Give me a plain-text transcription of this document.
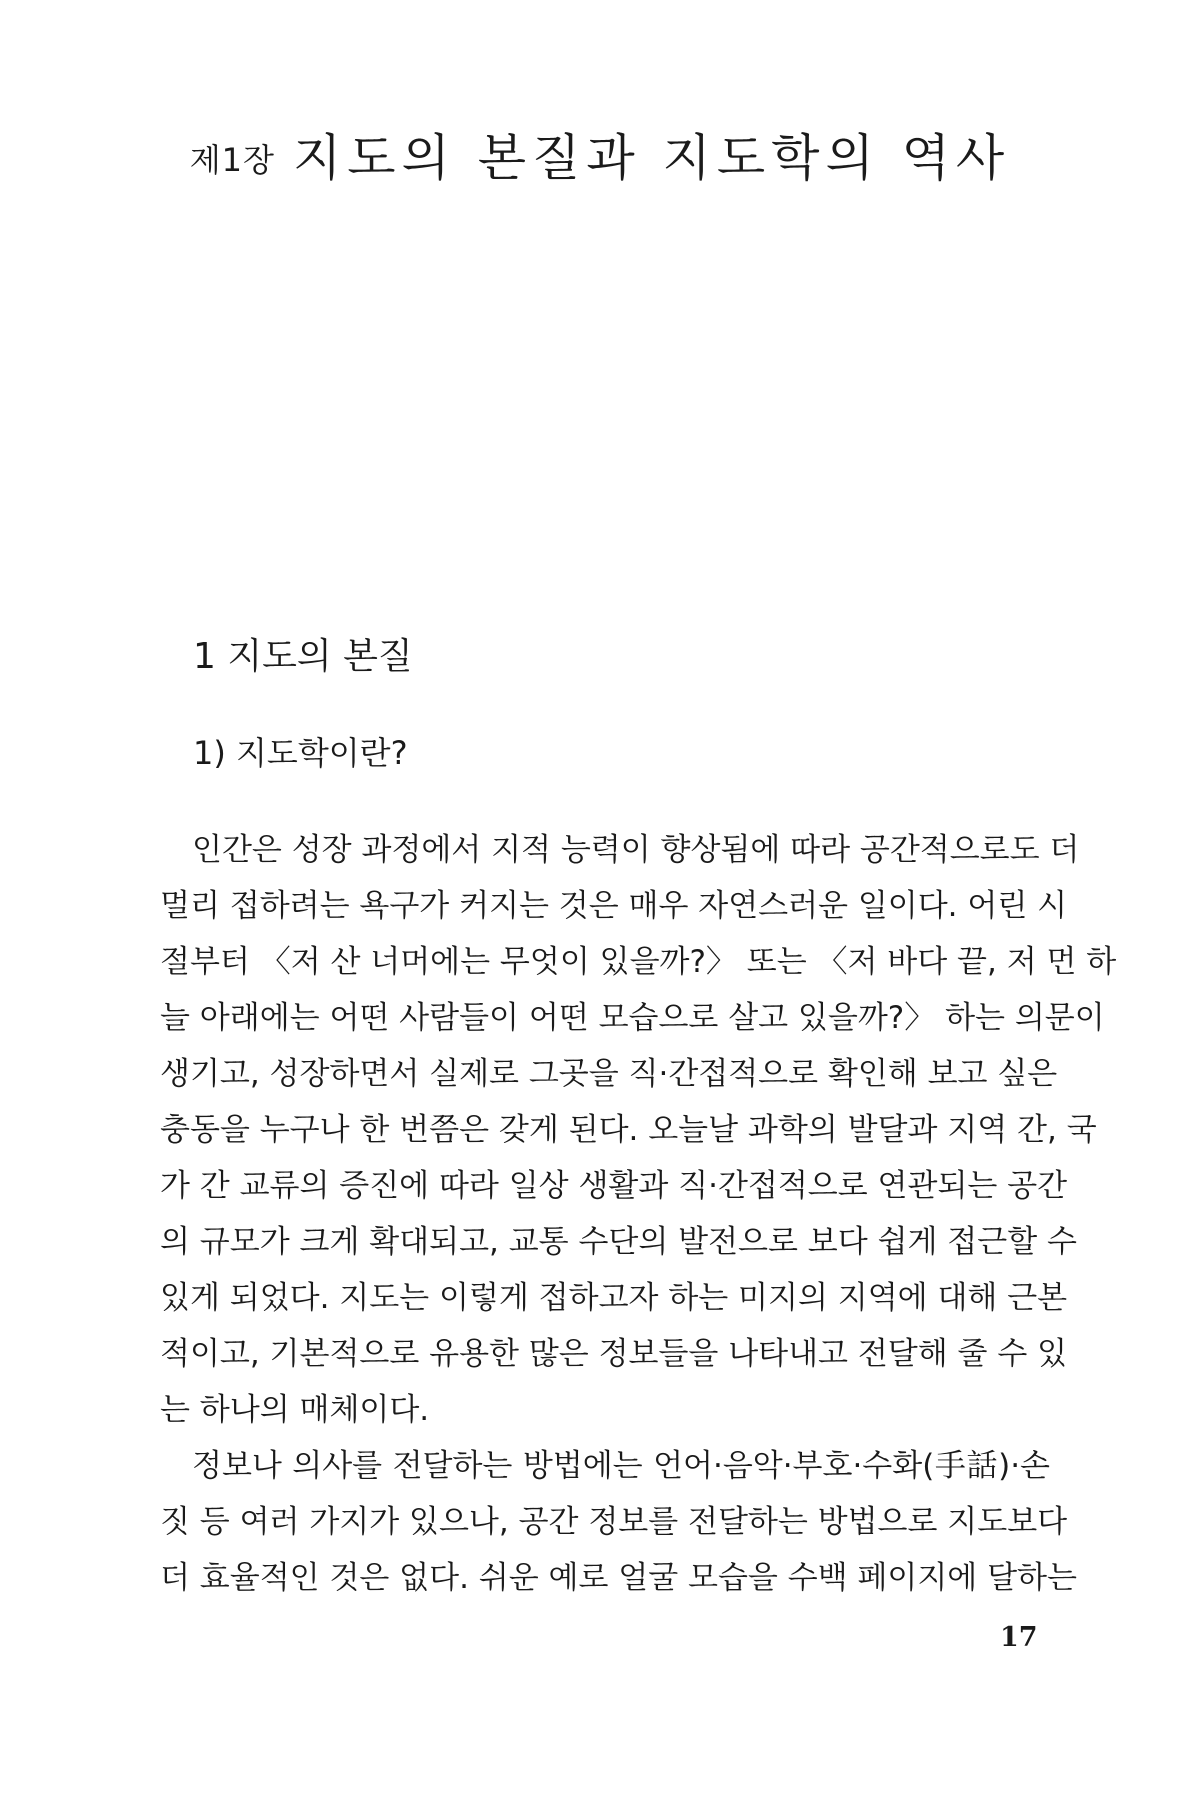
제1장 지도의 본질과 지도학의 역사
1 지도의 본질
1) 지도학이란?
인간은 성장 과정에서 지적 능력이 향상됨에 따라 공간적으로도 더
멀리 접하려는 욕구가 커지는 것은 매우 자연스러운 일이다. 어린 시
절부터 〈저 산 너머에는 무엇이 있을까?〉 또는 〈저 바다 끝, 저 먼 하
늘 아래에는 어떤 사람들이 어떤 모습으로 살고 있을까?〉 하는 의문이
생기고, 성장하면서 실제로 그곳을 직·간접적으로 확인해 보고 싶은
충동을 누구나 한 번쯤은 갖게 된다. 오늘날 과학의 발달과 지역 간, 국
가 간 교류의 증진에 따라 일상 생활과 직·간접적으로 연관되는 공간
의 규모가 크게 확대되고, 교통 수단의 발전으로 보다 쉽게 접근할 수
있게 되었다. 지도는 이렇게 접하고자 하는 미지의 지역에 대해 근본
적이고, 기본적으로 유용한 많은 정보들을 나타내고 전달해 줄 수 있
는 하나의 매체이다.
정보나 의사를 전달하는 방법에는 언어·음악·부호·수화(手話)·손
짓 등 여러 가지가 있으나, 공간 정보를 전달하는 방법으로 지도보다
더 효율적인 것은 없다. 쉬운 예로 얼굴 모습을 수백 페이지에 달하는
17
